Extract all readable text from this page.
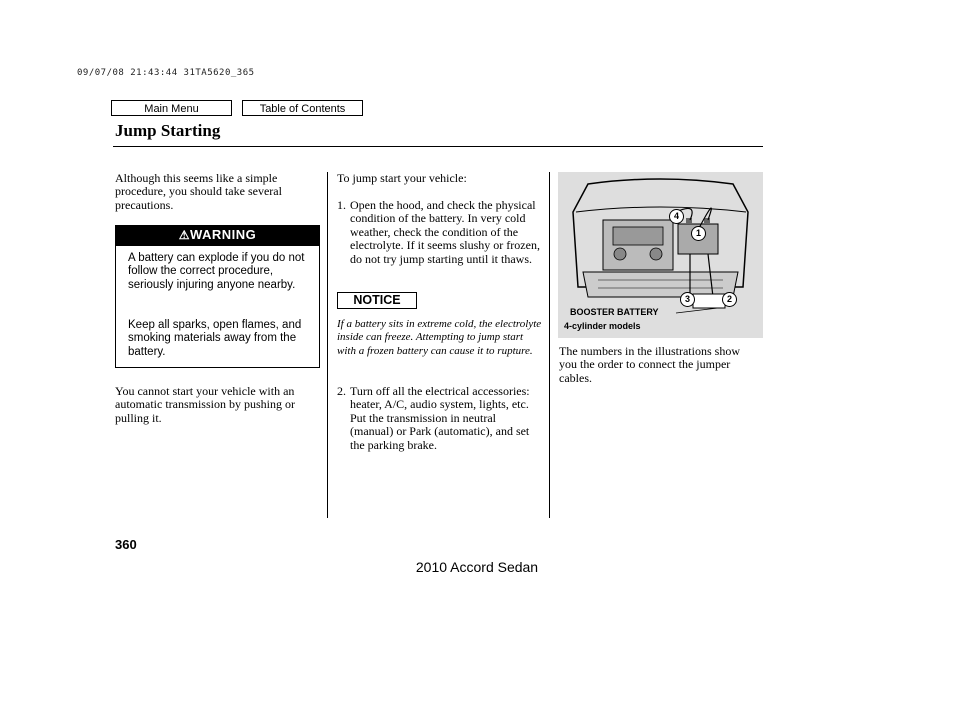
09/07/08 21:43:44 31TA5620_365
Main Menu	Table of Contents
Jump Starting
Although this seems like a simple procedure, you should take several precautions.
⚠WARNING
A battery can explode if you do not follow the correct procedure, seriously injuring anyone nearby.
Keep all sparks, open flames, and smoking materials away from the battery.
You cannot start your vehicle with an automatic transmission by pushing or pulling it.
To jump start your vehicle:
1. Open the hood, and check the physical condition of the battery. In very cold weather, check the condition of the electrolyte. If it seems slushy or frozen, do not try jump starting until it thaws.
NOTICE
If a battery sits in extreme cold, the electrolyte inside can freeze. Attempting to jump start with a frozen battery can cause it to rupture.
2. Turn off all the electrical accessories: heater, A/C, audio system, lights, etc. Put the transmission in neutral (manual) or Park (automatic), and set the parking brake.
4
1
3	2
BOOSTER BATTERY
4-cylinder models
The numbers in the illustrations show you the order to connect the jumper cables.
360
2010 Accord Sedan
